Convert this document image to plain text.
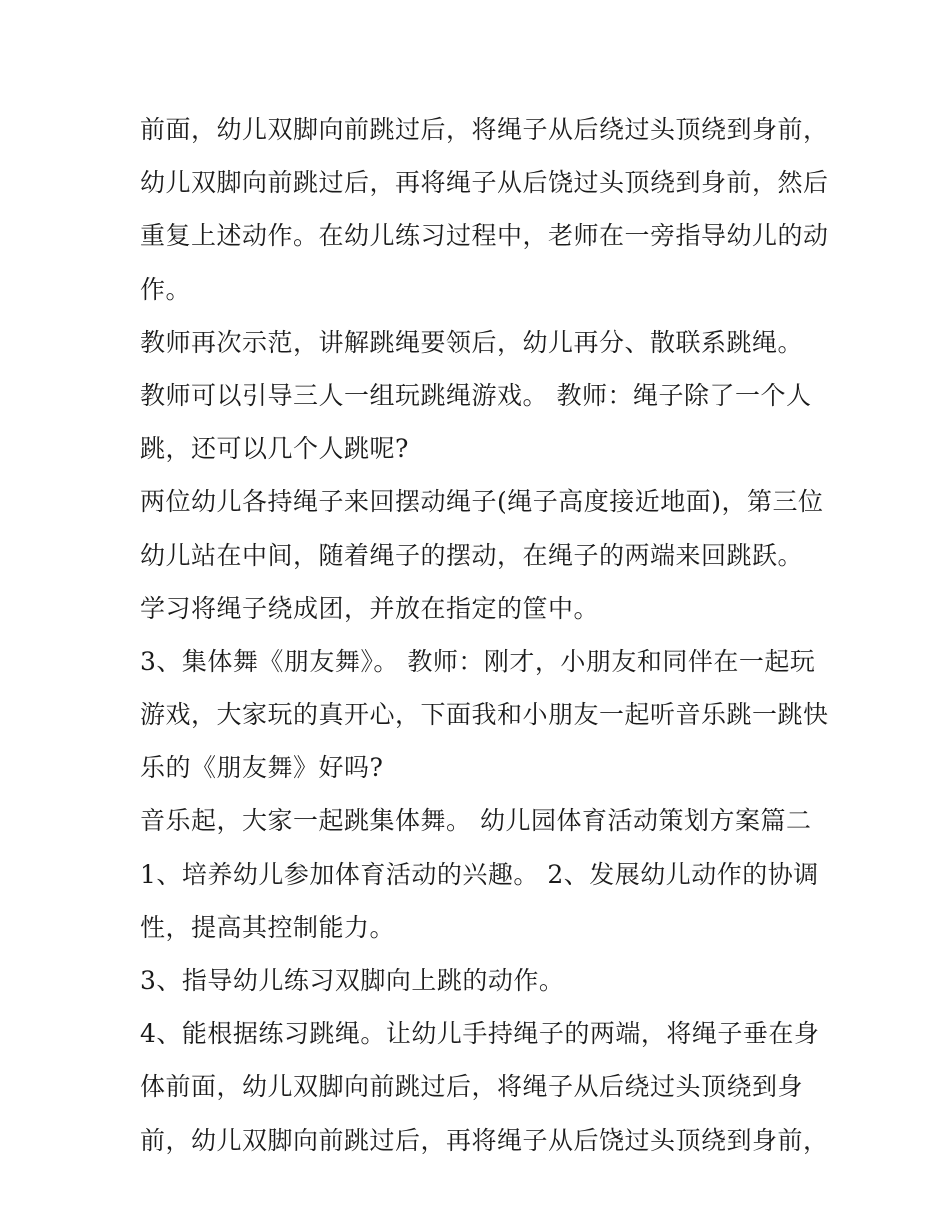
前面，幼儿双脚向前跳过后，将绳子从后绕过头顶绕到身前，
幼儿双脚向前跳过后，再将绳子从后饶过头顶绕到身前，然后
重复上述动作。在幼儿练习过程中，老师在一旁指导幼儿的动
作。
教师再次示范，讲解跳绳要领后，幼儿再分、散联系跳绳。
教师可以引导三人一组玩跳绳游戏。 教师：绳子除了一个人
跳，还可以几个人跳呢?
两位幼儿各持绳子来回摆动绳子(绳子高度接近地面)，第三位
幼儿站在中间，随着绳子的摆动，在绳子的两端来回跳跃。
学习将绳子绕成团，并放在指定的筐中。
3、集体舞《朋友舞》。 教师：刚才，小朋友和同伴在一起玩
游戏，大家玩的真开心，下面我和小朋友一起听音乐跳一跳快
乐的《朋友舞》好吗?
音乐起，大家一起跳集体舞。 幼儿园体育活动策划方案篇二
1、培养幼儿参加体育活动的兴趣。 2、发展幼儿动作的协调
性，提高其控制能力。
3、指导幼儿练习双脚向上跳的动作。
4、能根据练习跳绳。让幼儿手持绳子的两端，将绳子垂在身
体前面，幼儿双脚向前跳过后，将绳子从后绕过头顶绕到身
前，幼儿双脚向前跳过后，再将绳子从后饶过头顶绕到身前，
